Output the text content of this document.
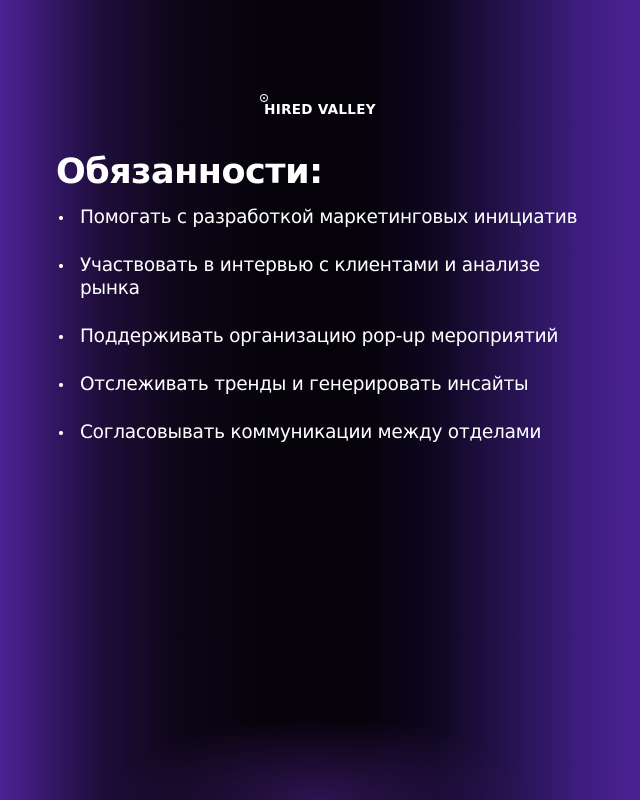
HIRED VALLEY
Обязанности:
Помогать с разработкой маркетинговых инициатив
Участвовать в интервью с клиентами и анализе рынка
Поддерживать организацию pop-up мероприятий
Отслеживать тренды и генерировать инсайты
Согласовывать коммуникации между отделами
